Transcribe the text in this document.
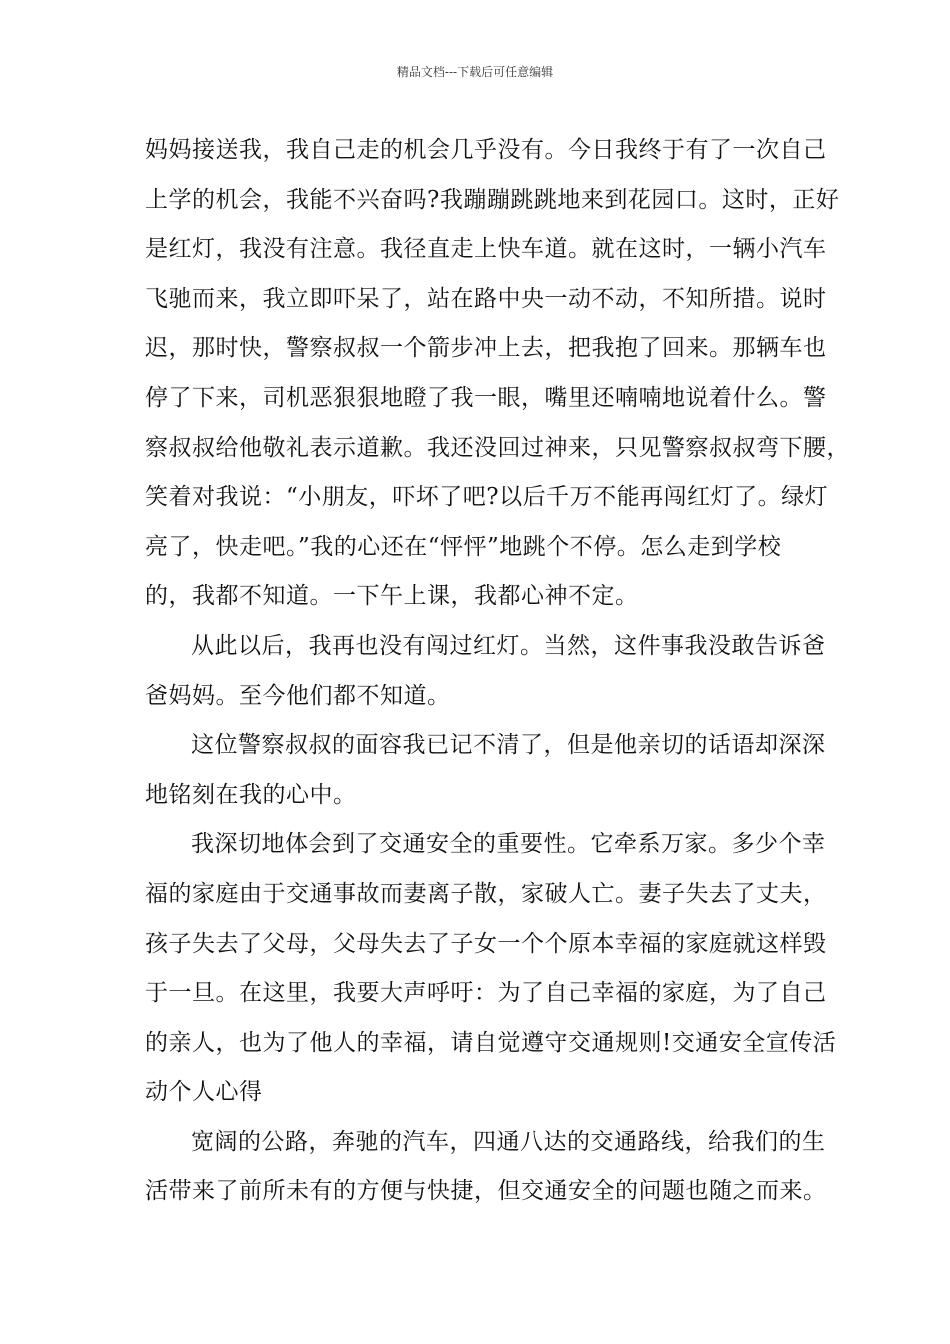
精品文档---下载后可任意编辑
妈妈接送我，我自己走的机会几乎没有。今日我终于有了一次自己
上学的机会，我能不兴奋吗?我蹦蹦跳跳地来到花园口。这时，正好
是红灯，我没有注意。我径直走上快车道。就在这时，一辆小汽车
飞驰而来，我立即吓呆了，站在路中央一动不动，不知所措。说时
迟，那时快，警察叔叔一个箭步冲上去，把我抱了回来。那辆车也
停了下来，司机恶狠狠地瞪了我一眼，嘴里还喃喃地说着什么。警
察叔叔给他敬礼表示道歉。我还没回过神来，只见警察叔叔弯下腰，
笑着对我说：“小朋友，吓坏了吧?以后千万不能再闯红灯了。绿灯
亮了，快走吧。”我的心还在“怦怦”地跳个不停。怎么走到学校
的，我都不知道。一下午上课，我都心神不定。
从此以后，我再也没有闯过红灯。当然，这件事我没敢告诉爸
爸妈妈。至今他们都不知道。
这位警察叔叔的面容我已记不清了，但是他亲切的话语却深深
地铭刻在我的心中。
我深切地体会到了交通安全的重要性。它牵系万家。多少个幸
福的家庭由于交通事故而妻离子散，家破人亡。妻子失去了丈夫，
孩子失去了父母，父母失去了子女一个个原本幸福的家庭就这样毁
于一旦。在这里，我要大声呼吁：为了自己幸福的家庭，为了自己
的亲人，也为了他人的幸福，请自觉遵守交通规则!交通安全宣传活
动个人心得
宽阔的公路，奔驰的汽车，四通八达的交通路线，给我们的生
活带来了前所未有的方便与快捷，但交通安全的问题也随之而来。
